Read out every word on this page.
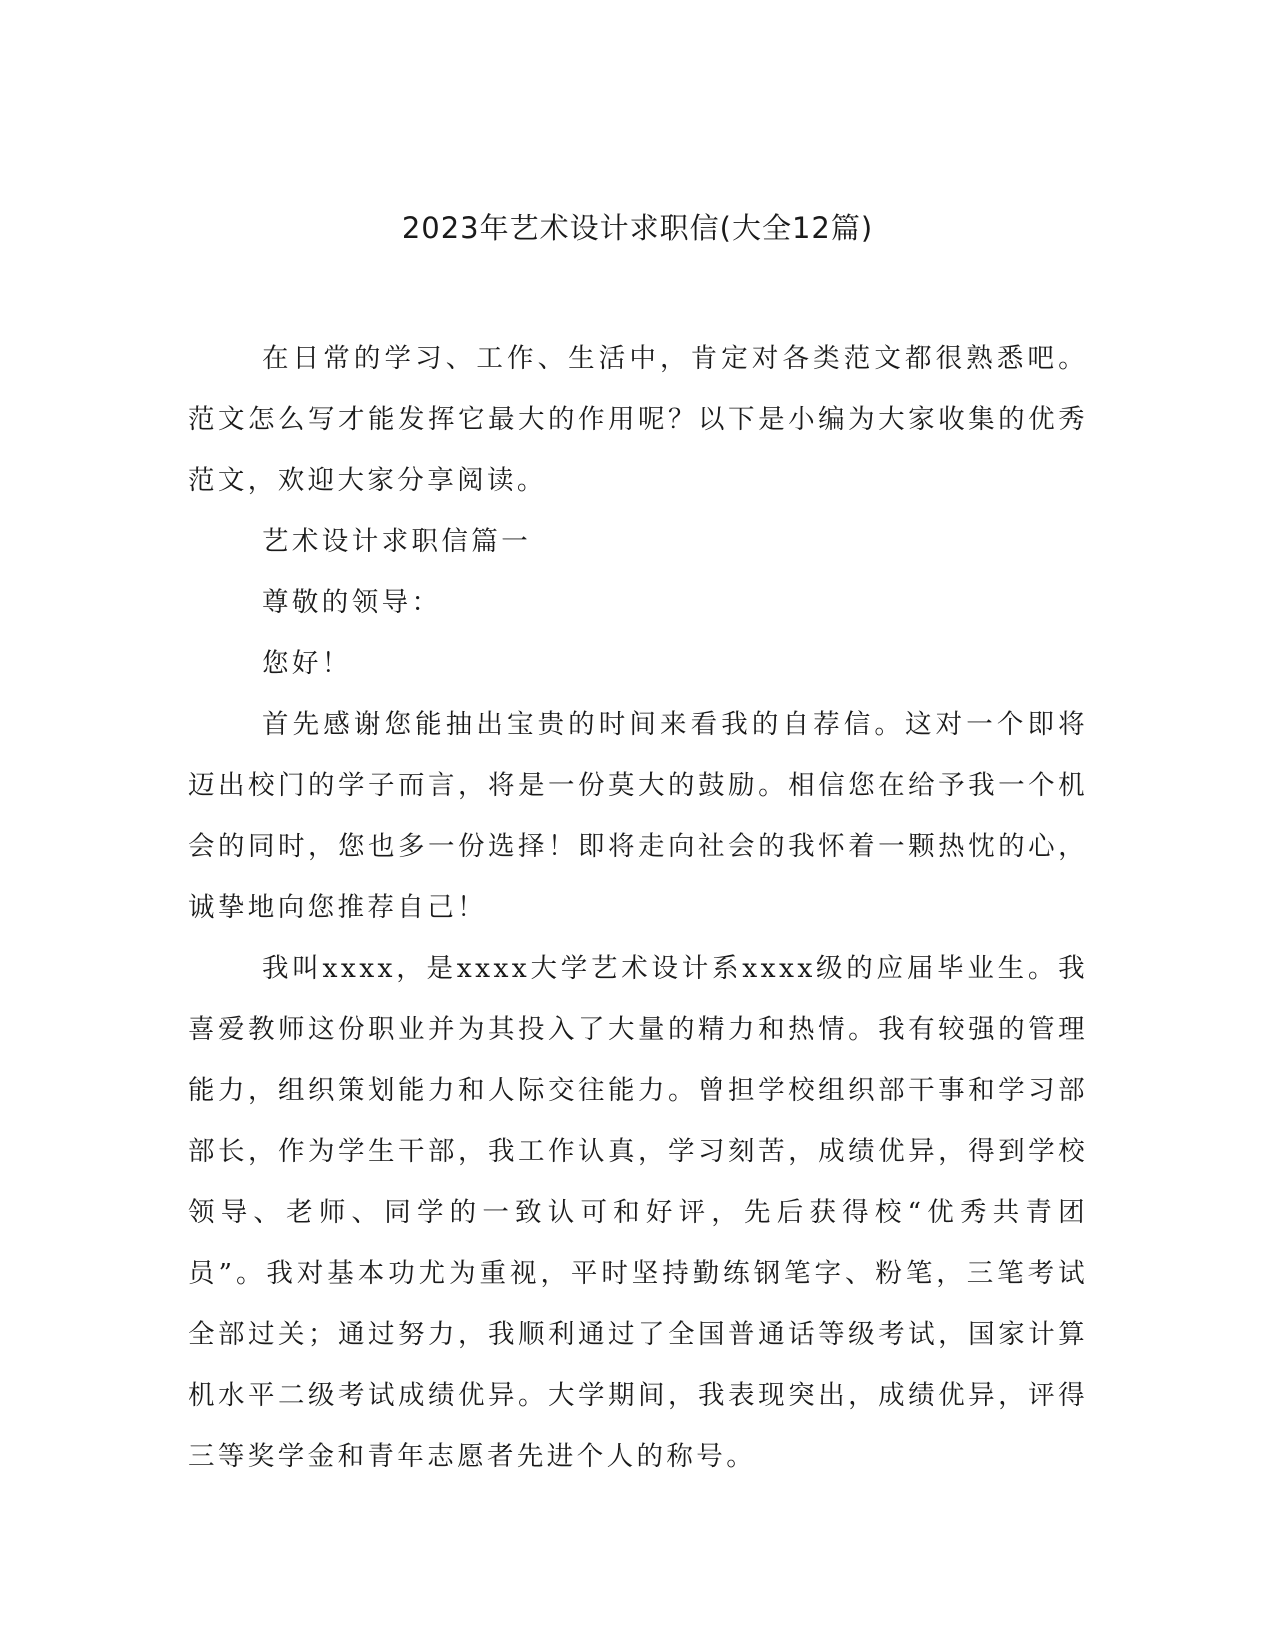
2023年艺术设计求职信(大全12篇)

在日常的学习、工作、生活中，肯定对各类范文都很熟悉吧。范文怎么写才能发挥它最大的作用呢？以下是小编为大家收集的优秀范文，欢迎大家分享阅读。

艺术设计求职信篇一

尊敬的领导：

您好！

首先感谢您能抽出宝贵的时间来看我的自荐信。这对一个即将迈出校门的学子而言，将是一份莫大的鼓励。相信您在给予我一个机会的同时，您也多一份选择！即将走向社会的我怀着一颗热忱的心，诚挚地向您推荐自己！

我叫xxxx，是xxxx大学艺术设计系xxxx级的应届毕业生。我喜爱教师这份职业并为其投入了大量的精力和热情。我有较强的管理能力，组织策划能力和人际交往能力。曾担学校组织部干事和学习部部长，作为学生干部，我工作认真，学习刻苦，成绩优异，得到学校领导、老师、同学的一致认可和好评，先后获得校“优秀共青团员”。我对基本功尤为重视，平时坚持勤练钢笔字、粉笔，三笔考试全部过关；通过努力，我顺利通过了全国普通话等级考试，国家计算机水平二级考试成绩优异。大学期间，我表现突出，成绩优异，评得三等奖学金和青年志愿者先进个人的称号。
